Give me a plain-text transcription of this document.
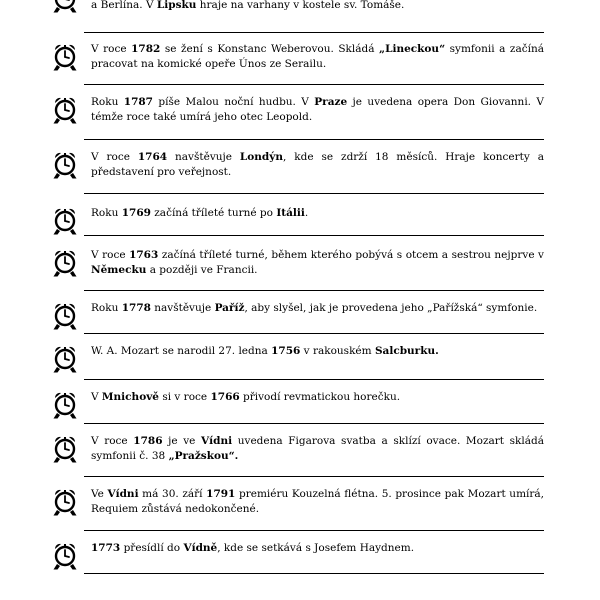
a Berlína. V Lipsku hraje na varhany v kostele sv. Tomáše.
V roce 1782 se žení s Konstanc Weberovou. Skládá „Lineckou“ symfonii a začíná pracovat na komické opeře Únos ze Serailu.
Roku 1787 píše Malou noční hudbu. V Praze je uvedena opera Don Giovanni. V témže roce také umírá jeho otec Leopold.
V roce 1764 navštěvuje Londýn, kde se zdrží 18 měsíců. Hraje koncerty a představení pro veřejnost.
Roku 1769 začíná tříleté turné po Itálii.
V roce 1763 začíná tříleté turné, během kterého pobývá s otcem a sestrou nejprve v Německu a později ve Francii.
Roku 1778 navštěvuje Paříž, aby slyšel, jak je provedena jeho „Pařížská“ symfonie.
W. A. Mozart se narodil 27. ledna 1756 v rakouském Salcburku.
V Mnichově si v roce 1766 přivodí revmatickou horečku.
V roce 1786 je ve Vídni uvedena Figarova svatba a sklízí ovace. Mozart skládá symfonii č. 38 „Pražskou“.
Ve Vídni má 30. září 1791 premiéru Kouzelná flétna. 5. prosince pak Mozart umírá, Requiem zůstává nedokončené.
1773 přesídlí do Vídně, kde se setkává s Josefem Haydnem.
